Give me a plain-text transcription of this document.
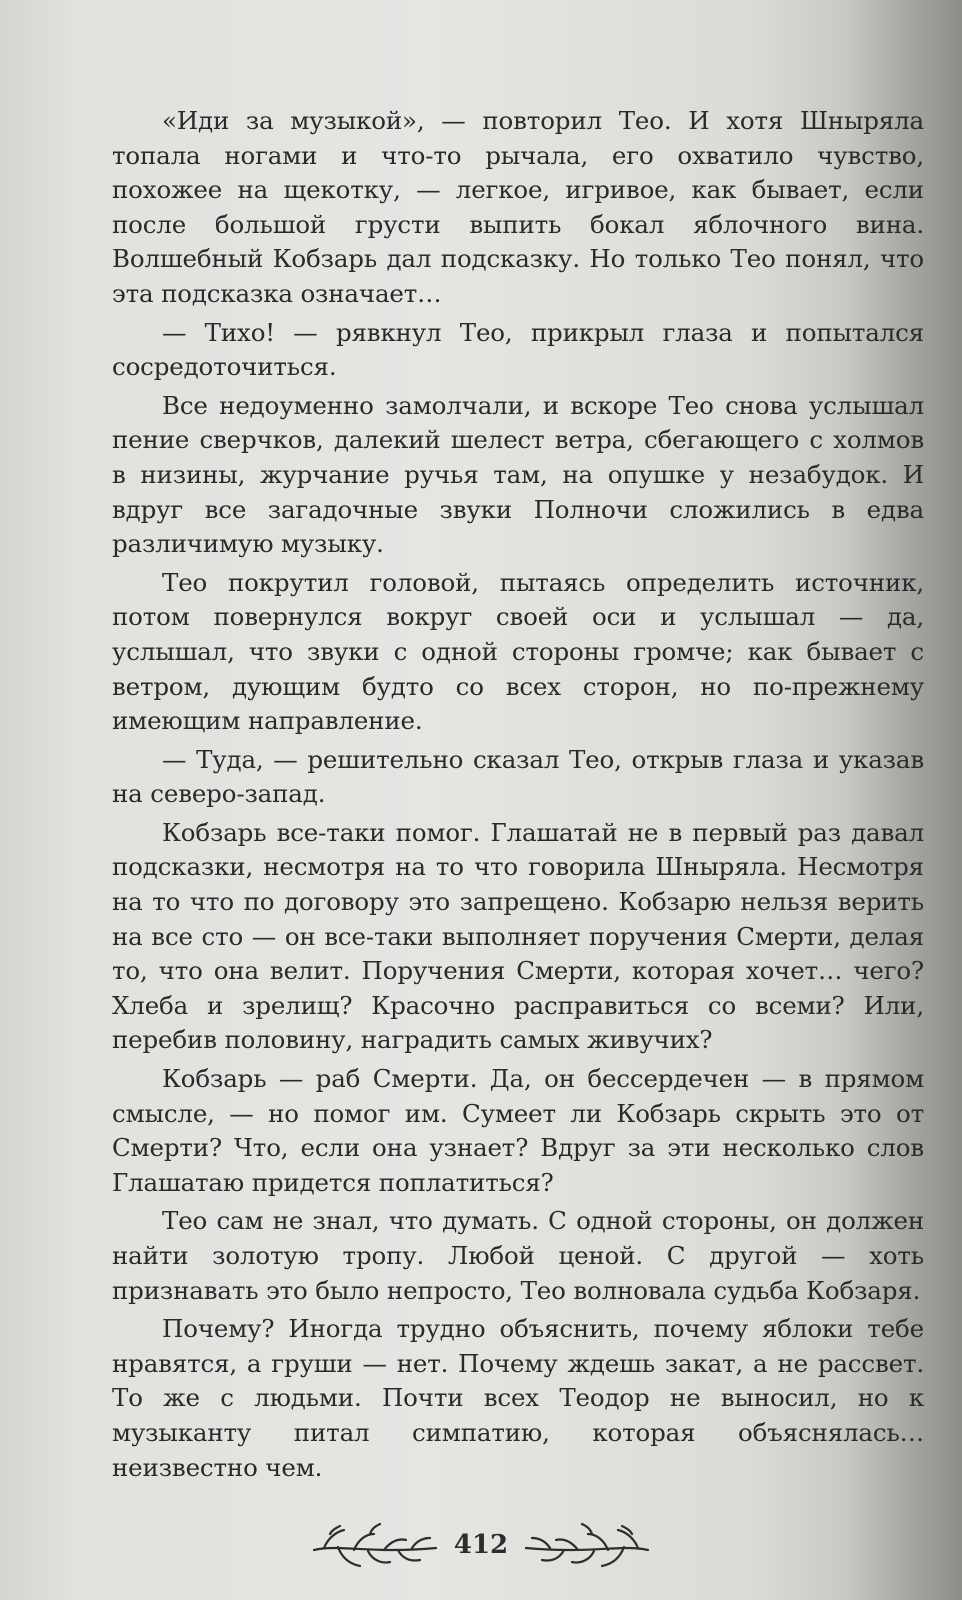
«Иди за музыкой», — повторил Тео. И хотя Шныряла топала ногами и что-то рычала, его охватило чувство, похожее на щекотку, — легкое, игривое, как бывает, если после большой грусти выпить бокал яблочного вина. Волшебный Кобзарь дал подсказку. Но только Тео понял, что эта подсказка означает…

— Тихо! — рявкнул Тео, прикрыл глаза и попытался сосредоточиться.

Все недоуменно замолчали, и вскоре Тео снова услышал пение сверчков, далекий шелест ветра, сбегающего с холмов в низины, журчание ручья там, на опушке у незабудок. И вдруг все загадочные звуки Полночи сложились в едва различимую музыку.

Тео покрутил головой, пытаясь определить источник, потом повернулся вокруг своей оси и услышал — да, услышал, что звуки с одной стороны громче; как бывает с ветром, дующим будто со всех сторон, но по-прежнему имеющим направление.

— Туда, — решительно сказал Тео, открыв глаза и указав на северо-запад.

Кобзарь все-таки помог. Глашатай не в первый раз давал подсказки, несмотря на то что говорила Шныряла. Несмотря на то что по договору это запрещено. Кобзарю нельзя верить на все сто — он все-таки выполняет поручения Смерти, делая то, что она велит. Поручения Смерти, которая хочет… чего? Хлеба и зрелищ? Красочно расправиться со всеми? Или, перебив половину, наградить самых живучих?

Кобзарь — раб Смерти. Да, он бессердечен — в прямом смысле, — но помог им. Сумеет ли Кобзарь скрыть это от Смерти? Что, если она узнает? Вдруг за эти несколько слов Глашатаю придется поплатиться?

Тео сам не знал, что думать. С одной стороны, он должен найти золотую тропу. Любой ценой. С другой — хоть признавать это было непросто, Тео волновала судьба Кобзаря.

Почему? Иногда трудно объяснить, почему яблоки тебе нравятся, а груши — нет. Почему ждешь закат, а не рассвет. То же с людьми. Почти всех Теодор не выносил, но к музыканту питал симпатию, которая объяснялась… неизвестно чем.

412
